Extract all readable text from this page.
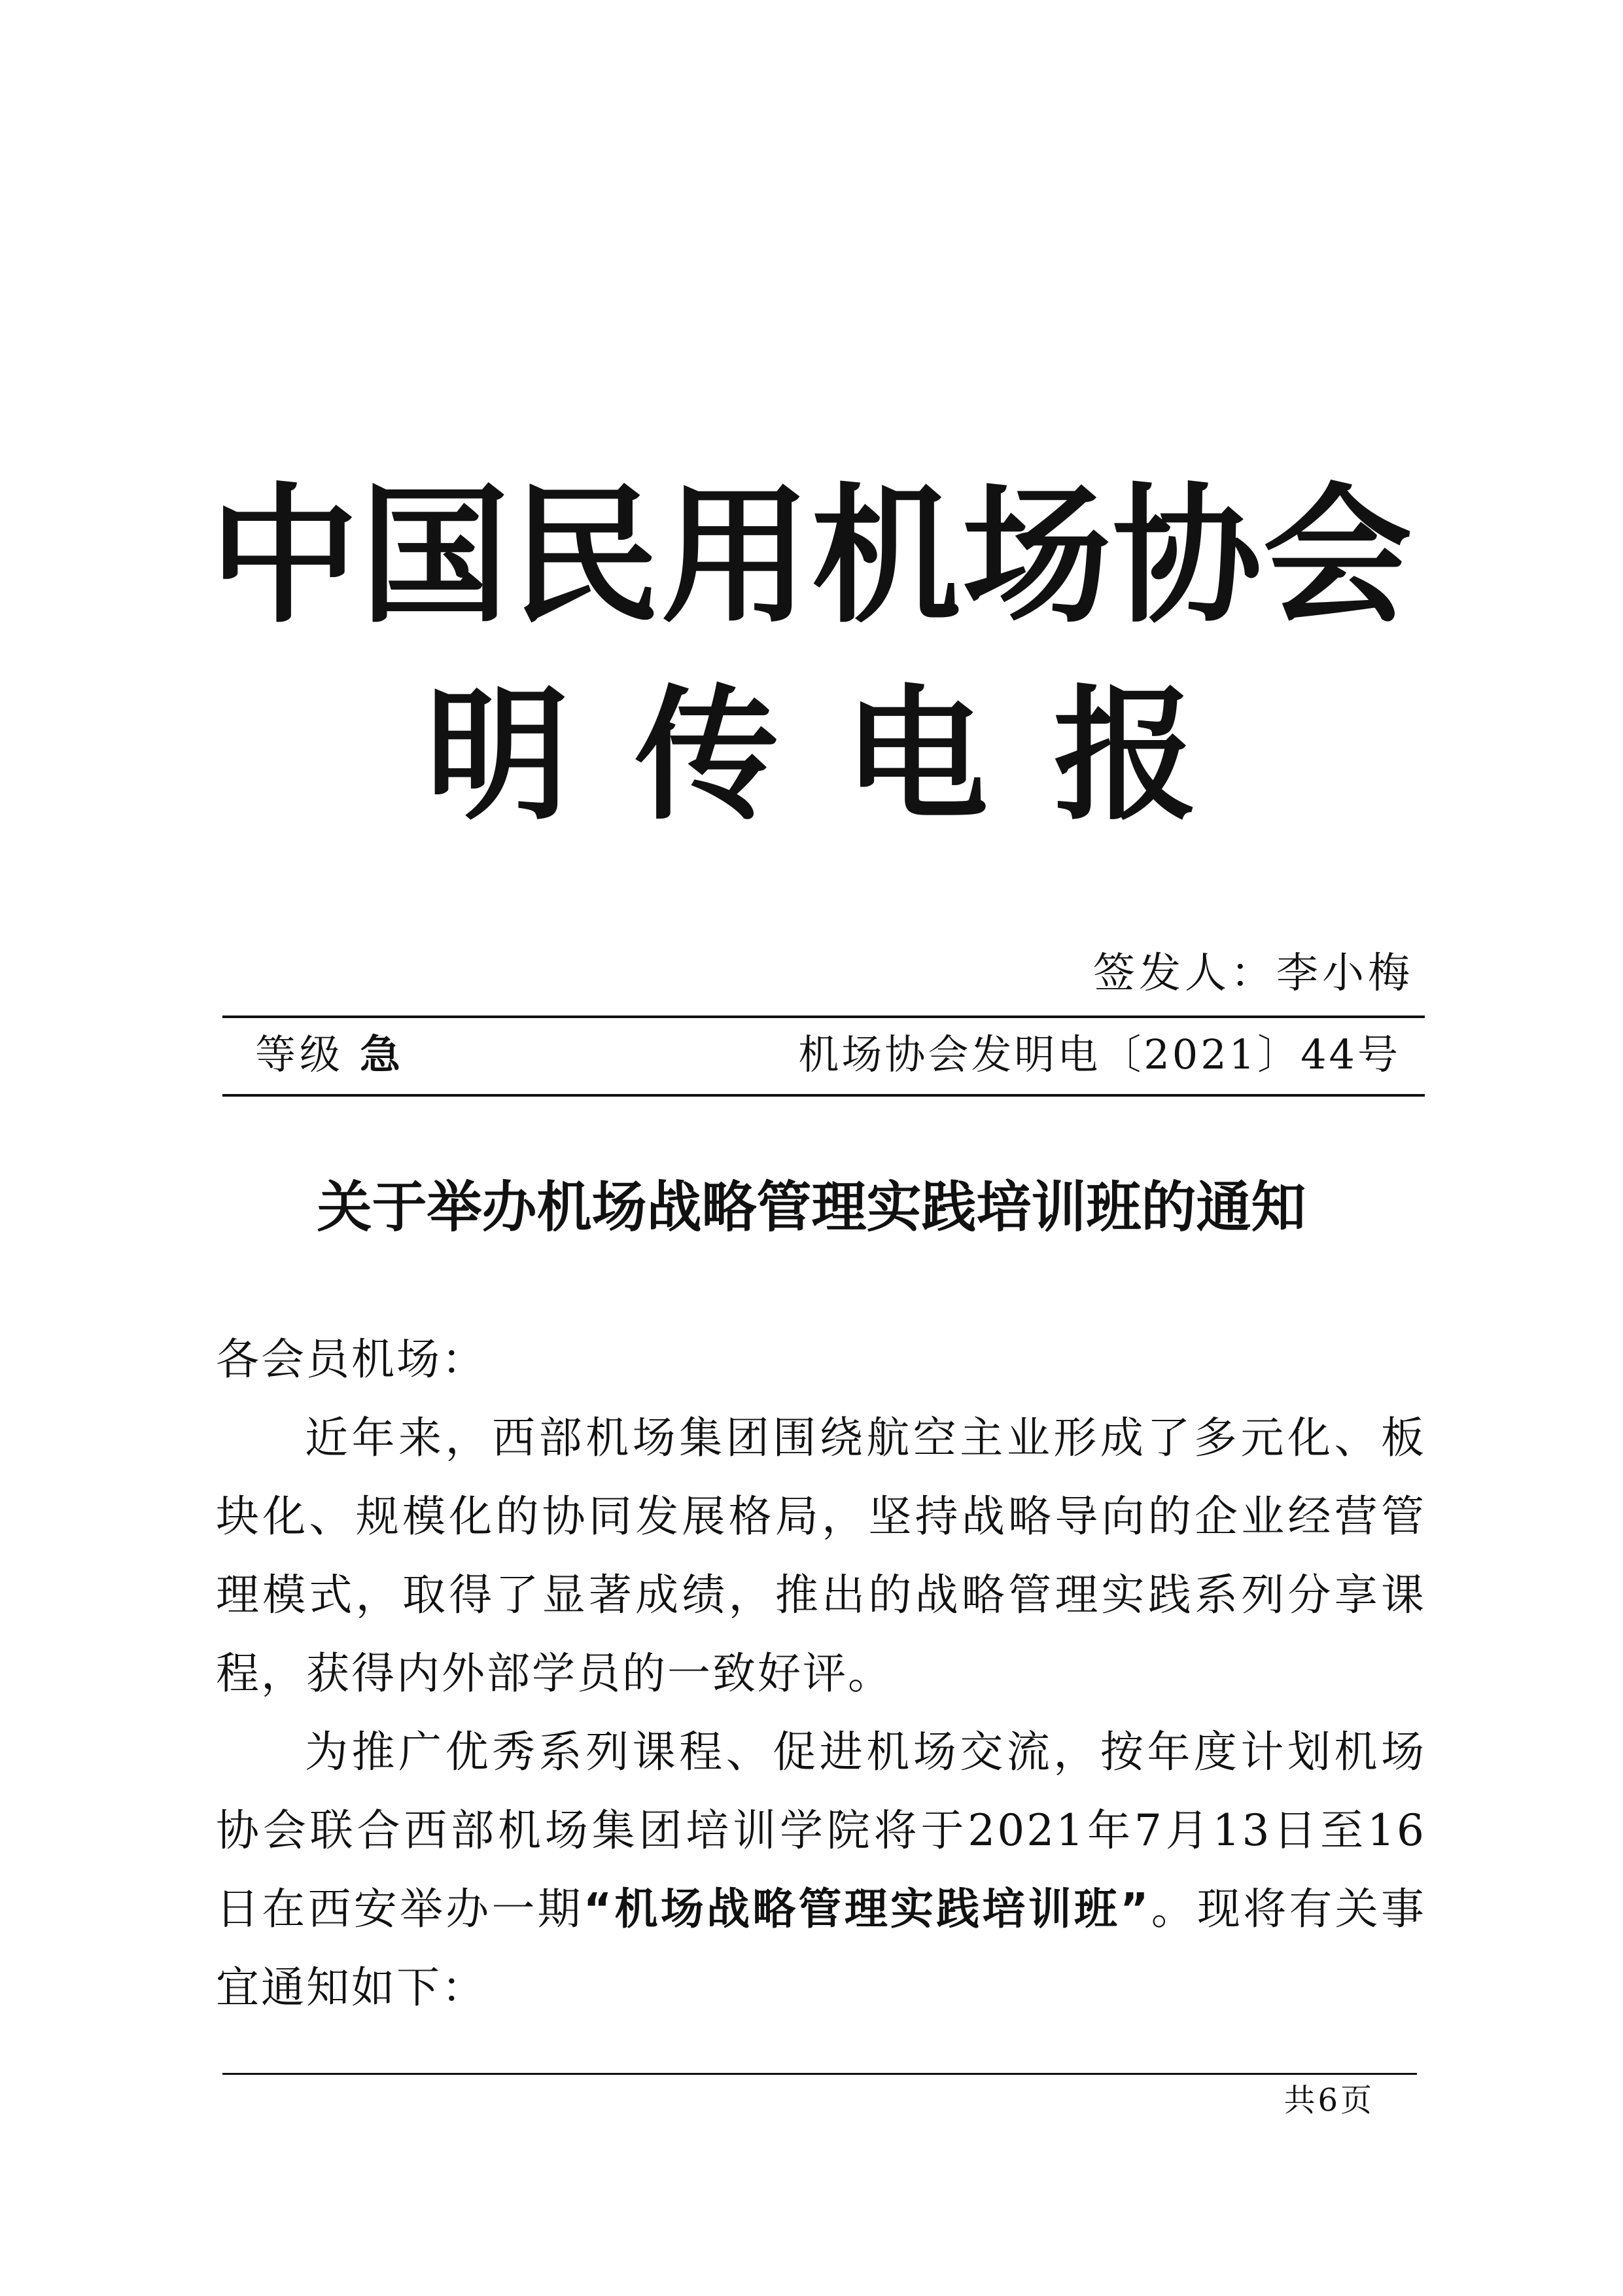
中国民用机场协会
明传电报
签发人：李小梅
等级 急	机场协会发明电〔2021〕44号
关于举办机场战略管理实践培训班的通知

各会员机场：

近年来，西部机场集团围绕航空主业形成了多元化、板块化、规模化的协同发展格局，坚持战略导向的企业经营管理模式，取得了显著成绩，推出的战略管理实践系列分享课程，获得内外部学员的一致好评。

为推广优秀系列课程、促进机场交流，按年度计划机场协会联合西部机场集团培训学院将于2021年7月13日至16日在西安举办一期“机场战略管理实践培训班”。现将有关事宜通知如下：

共6页
